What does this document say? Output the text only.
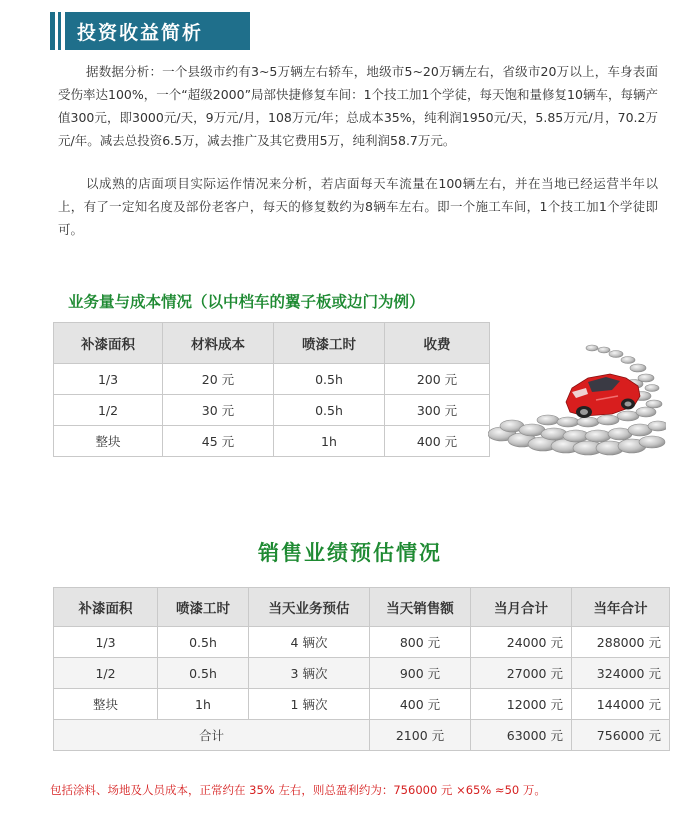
投资收益简析
据数据分析：一个县级市约有3~5万辆左右轿车，地级市5~20万辆左右，省级市20万以上，车身表面受伤率达100%，一个“超级2000”局部快捷修复车间：1个技工加1个学徒，每天饱和量修复10辆车，每辆产值300元，即3000元/天，9万元/月，108万元/年；总成本35%，纯利润1950元/天，5.85万元/月，70.2万元/年。减去总投资6.5万，减去推广及其它费用5万，纯利润58.7万元。
以成熟的店面项目实际运作情况来分析，若店面每天车流量在100辆左右，并在当地已经运营半年以上，有了一定知名度及部份老客户，每天的修复数约为8辆车左右。即一个施工车间，1个技工加1个学徒即可。
业务量与成本情况（以中档车的翼子板或边门为例）
补漆面积	材料成本	喷漆工时	收费
1/3	20 元	0.5h	200 元
1/2	30 元	0.5h	300 元
整块	45 元	1h	400 元
销售业绩预估情况
补漆面积	喷漆工时	当天业务预估	当天销售额	当月合计	当年合计
1/3	0.5h	4 辆次	800 元	24000 元	288000 元
1/2	0.5h	3 辆次	900 元	27000 元	324000 元
整块	1h	1 辆次	400 元	12000 元	144000 元
合计			2100 元	63000 元	756000 元
包括涂料、场地及人员成本，正常约在 35% 左右，则总盈利约为：756000 元 ×65% ≈50 万。
